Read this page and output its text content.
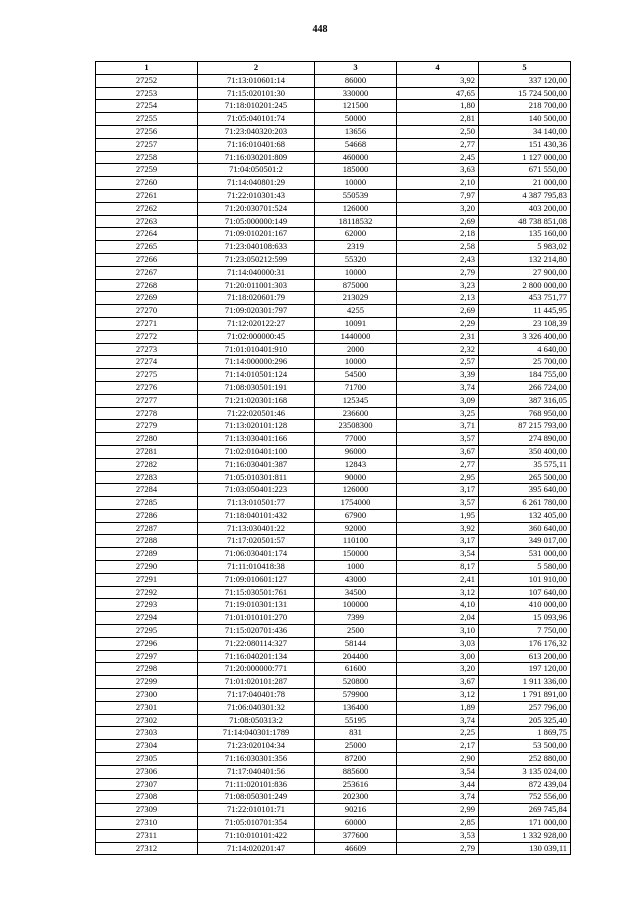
448
1	2	3	4	5
27252	71:13:010601:14	86000	3,92	337 120,00
27253	71:15:020101:30	330000	47,65	15 724 500,00
27254	71:18:010201:245	121500	1,80	218 700,00
27255	71:05:040101:74	50000	2,81	140 500,00
27256	71:23:040320:203	13656	2,50	34 140,00
27257	71:16:010401:68	54668	2,77	151 430,36
27258	71:16:030201:809	460000	2,45	1 127 000,00
27259	71:04:050501:2	185000	3,63	671 550,00
27260	71:14:040801:29	10000	2,10	21 000,00
27261	71:22:010301:43	550539	7,97	4 387 795,83
27262	71:20:030701:524	126000	3,20	403 200,00
27263	71:05:000000:149	18118532	2,69	48 738 851,08
27264	71:09:010201:167	62000	2,18	135 160,00
27265	71:23:040108:633	2319	2,58	5 983,02
27266	71:23:050212:599	55320	2,43	132 214,80
27267	71:14:040000:31	10000	2,79	27 900,00
27268	71:20:011001:303	875000	3,23	2 800 000,00
27269	71:18:020601:79	213029	2,13	453 751,77
27270	71:09:020301:797	4255	2,69	11 445,95
27271	71:12:020122:27	10091	2,29	23 108,39
27272	71:02:000000:45	1440000	2,31	3 326 400,00
27273	71:01:010401:910	2000	2,32	4 640,00
27274	71:14:000000:296	10000	2,57	25 700,00
27275	71:14:010501:124	54500	3,39	184 755,00
27276	71:08:030501:191	71700	3,74	266 724,00
27277	71:21:020301:168	125345	3,09	387 316,05
27278	71:22:020501:46	236600	3,25	768 950,00
27279	71:13:020101:128	23508300	3,71	87 215 793,00
27280	71:13:030401:166	77000	3,57	274 890,00
27281	71:02:010401:100	96000	3,67	350 400,00
27282	71:16:030401:387	12843	2,77	35 575,11
27283	71:05:010301:811	90000	2,95	265 500,00
27284	71:03:050401:223	126000	3,17	395 640,00
27285	71:13:010501:77	1754000	3,57	6 261 780,00
27286	71:18:040101:432	67900	1,95	132 405,00
27287	71:13:030401:22	92000	3,92	360 640,00
27288	71:17:020501:57	110100	3,17	349 017,00
27289	71:06:030401:174	150000	3,54	531 000,00
27290	71:11:010418:38	1000	8,17	5 580,00
27291	71:09:010601:127	43000	2,41	101 910,00
27292	71:15:030501:761	34500	3,12	107 640,00
27293	71:19:010301:131	100000	4,10	410 000,00
27294	71:01:010101:270	7399	2,04	15 093,96
27295	71:15:020701:436	2500	3,10	7 750,00
27296	71:22:080114:327	58144	3,03	176 176,32
27297	71:16:040201:134	204400	3,00	613 200,00
27298	71:20:000000:771	61600	3,20	197 120,00
27299	71:01:020101:287	520800	3,67	1 911 336,00
27300	71:17:040401:78	579900	3,12	1 791 891,00
27301	71:06:040301:32	136400	1,89	257 796,00
27302	71:08:050313:2	55195	3,74	205 325,40
27303	71:14:040301:1789	831	2,25	1 869,75
27304	71:23:020104:34	25000	2,17	53 500,00
27305	71:16:030301:356	87200	2,90	252 880,00
27306	71:17:040401:56	885600	3,54	3 135 024,00
27307	71:11:020101:836	253616	3,44	872 439,04
27308	71:08:050301:249	202300	3,74	752 556,00
27309	71:22:010101:71	90216	2,99	269 745,84
27310	71:05:010701:354	60000	2,85	171 000,00
27311	71:10:010101:422	377600	3,53	1 332 928,00
27312	71:14:020201:47	46609	2,79	130 039,11
